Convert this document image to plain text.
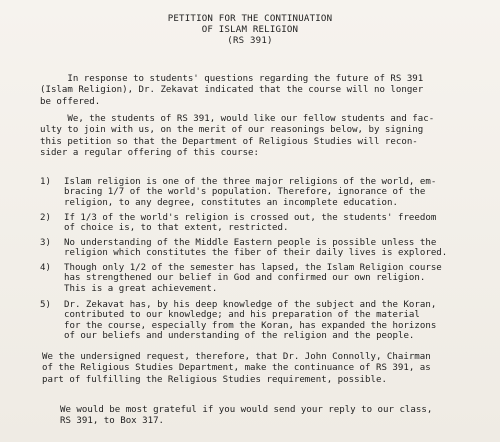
PETITION FOR THE CONTINUATION
OF ISLAM RELIGION
(RS 391)
In response to students' questions regarding the future of RS 391
(Islam Religion), Dr. Zekavat indicated that the course will no longer
be offered.
We, the students of RS 391, would like our fellow students and fac-
ulty to join with us, on the merit of our reasonings below, by signing
this petition so that the Department of Religious Studies will recon-
sider a regular offering of this course:
1) Islam religion is one of the three major religions of the world, em-
bracing 1/7 of the world's population. Therefore, ignorance of the
religion, to any degree, constitutes an incomplete education.
2) If 1/3 of the world's religion is crossed out, the students' freedom
of choice is, to that extent, restricted.
3) No understanding of the Middle Eastern people is possible unless the
religion which constitutes the fiber of their daily lives is explored.
4) Though only 1/2 of the semester has lapsed, the Islam Religion course
has strengthened our belief in God and confirmed our own religion.
This is a great achievement.
5) Dr. Zekavat has, by his deep knowledge of the subject and the Koran,
contributed to our knowledge; and his preparation of the material
for the course, especially from the Koran, has expanded the horizons
of our beliefs and understanding of the religion and the people.
We the undersigned request, therefore, that Dr. John Connolly, Chairman
of the Religious Studies Department, make the continuance of RS 391, as
part of fulfilling the Religious Studies requirement, possible.
We would be most grateful if you would send your reply to our class,
RS 391, to Box 317.
